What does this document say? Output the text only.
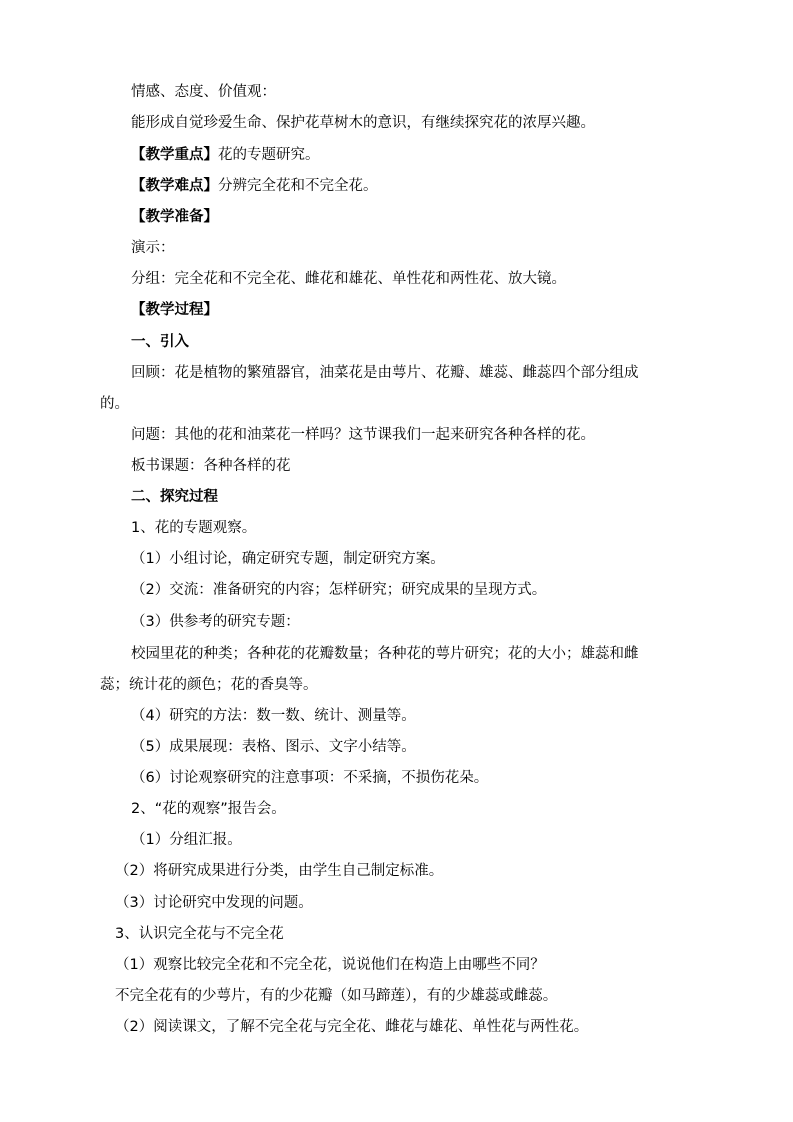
情感、态度、价值观：
能形成自觉珍爱生命、保护花草树木的意识，有继续探究花的浓厚兴趣。
【教学重点】花的专题研究。
【教学难点】分辨完全花和不完全花。
【教学准备】
演示：
分组：完全花和不完全花、雌花和雄花、单性花和两性花、放大镜。
【教学过程】
一、引入
回顾：花是植物的繁殖器官，油菜花是由萼片、花瓣、雄蕊、雌蕊四个部分组成
的。
问题：其他的花和油菜花一样吗？这节课我们一起来研究各种各样的花。
板书课题：各种各样的花
二、探究过程
1、花的专题观察。
（1）小组讨论，确定研究专题，制定研究方案。
（2）交流：准备研究的内容；怎样研究；研究成果的呈现方式。
（3）供参考的研究专题：
校园里花的种类；各种花的花瓣数量；各种花的萼片研究；花的大小；雄蕊和雌
蕊；统计花的颜色；花的香臭等。
（4）研究的方法：数一数、统计、测量等。
（5）成果展现：表格、图示、文字小结等。
（6）讨论观察研究的注意事项：不采摘，不损伤花朵。
2、“花的观察”报告会。
（1）分组汇报。
（2）将研究成果进行分类，由学生自己制定标准。
（3）讨论研究中发现的问题。
3、认识完全花与不完全花
（1）观察比较完全花和不完全花，说说他们在构造上由哪些不同？
不完全花有的少萼片，有的少花瓣（如马蹄莲），有的少雄蕊或雌蕊。
（2）阅读课文，了解不完全花与完全花、雌花与雄花、单性花与两性花。
